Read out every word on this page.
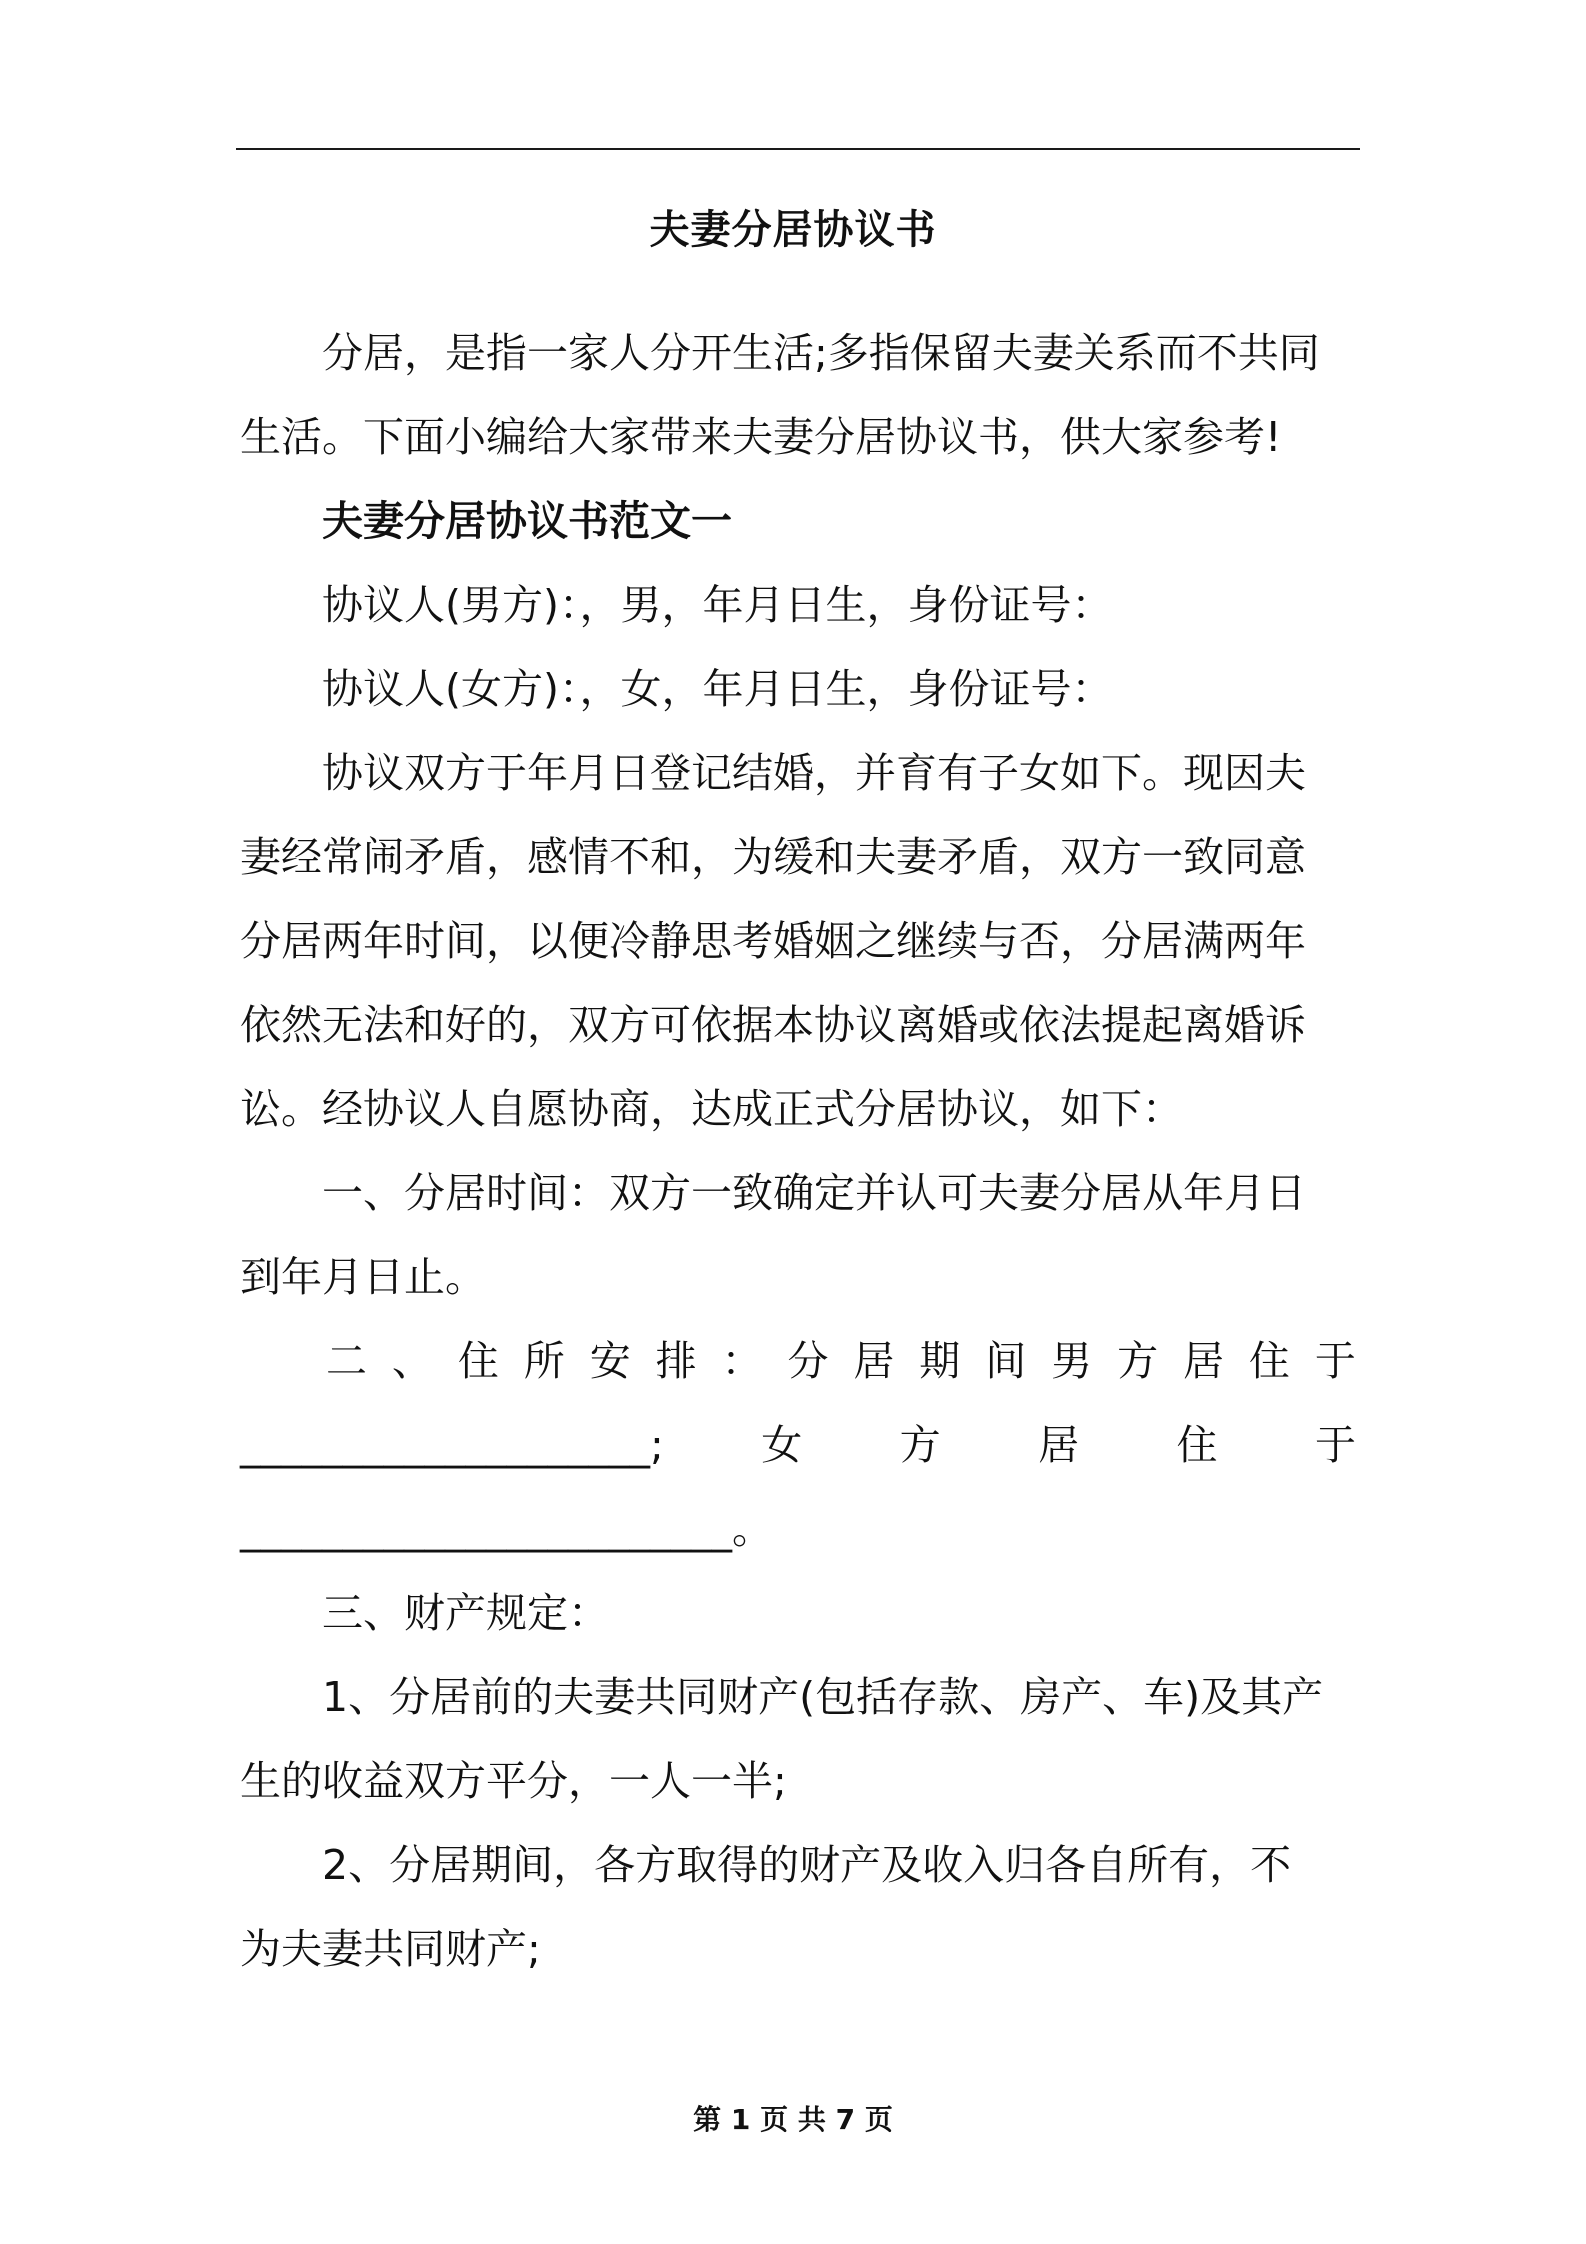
夫妻分居协议书
分居，是指一家人分开生活;多指保留夫妻关系而不共同
生活。下面小编给大家带来夫妻分居协议书，供大家参考!
夫妻分居协议书范文一
协议人(男方)：，男，年月日生，身份证号：
协议人(女方)：，女，年月日生，身份证号：
协议双方于年月日登记结婚，并育有子女如下。现因夫
妻经常闹矛盾，感情不和，为缓和夫妻矛盾，双方一致同意
分居两年时间，以便冷静思考婚姻之继续与否，分居满两年
依然无法和好的，双方可依据本协议离婚或依法提起离婚诉
讼。经协议人自愿协商，达成正式分居协议，如下：
一、分居时间：双方一致确定并认可夫妻分居从年月日
到年月日止。
二 、 住 所 安 排 ： 分 居 期 间 男 方 居 住 于
____________________; 女 方 居 住 于
________________________。
三、财产规定：
1、分居前的夫妻共同财产(包括存款、房产、车)及其产
生的收益双方平分，一人一半;
2、分居期间，各方取得的财产及收入归各自所有，不
为夫妻共同财产;
第 1 页 共 7 页
